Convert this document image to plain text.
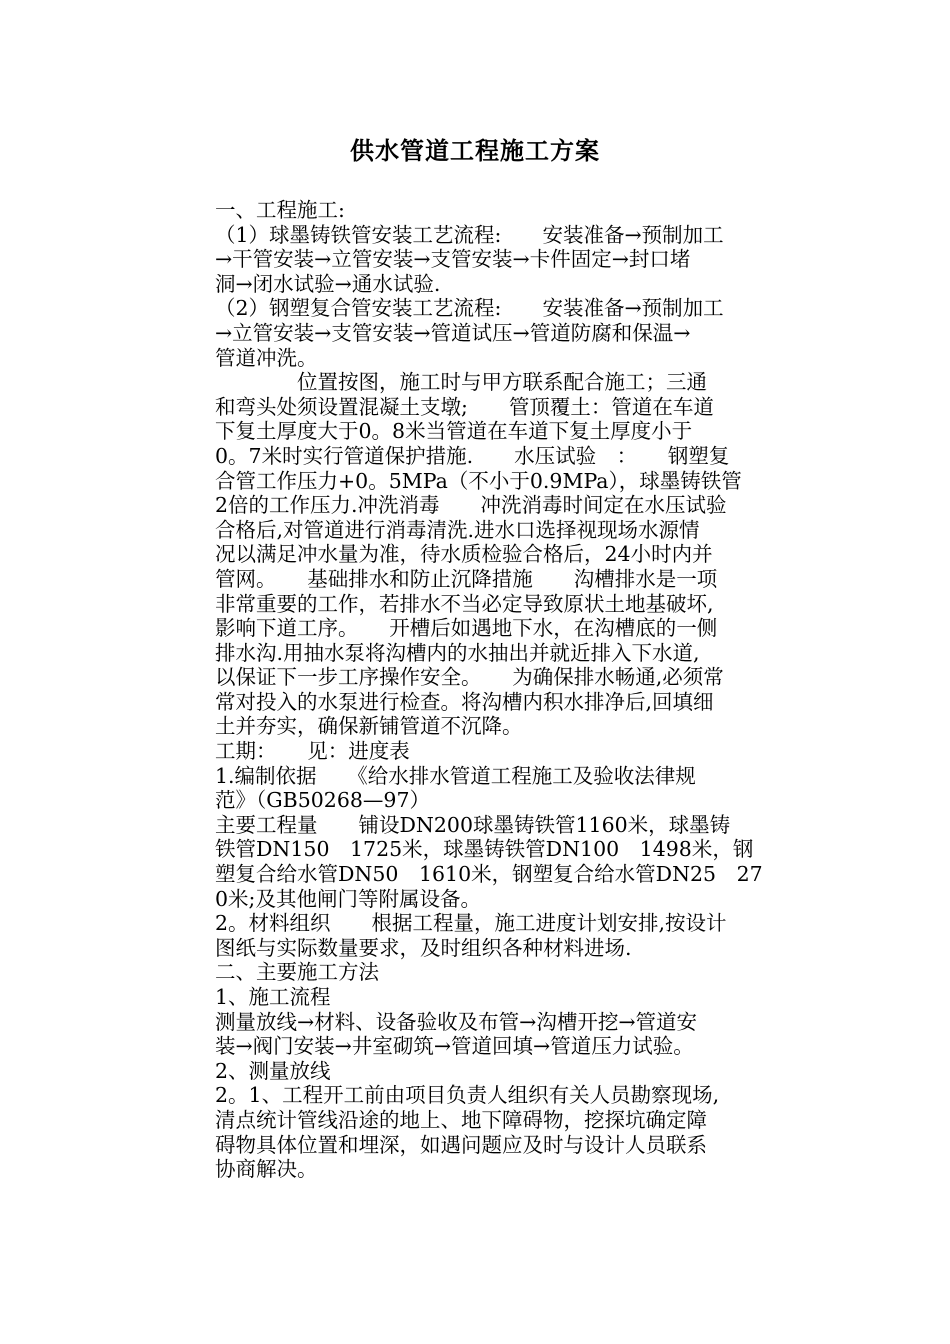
供水管道工程施工方案

一、工程施工:

（1）球墨铸铁管安装工艺流程:　　安装准备→预制加工

→干管安装→立管安装→支管安装→卡件固定→封口堵

洞→闭水试验→通水试验.

（2）钢塑复合管安装工艺流程:　　安装准备→预制加工

→立管安装→支管安装→管道试压→管道防腐和保温→

管道冲洗。

　　　　位置按图，施工时与甲方联系配合施工；三通

和弯头处须设置混凝土支墩;　　管顶覆土：管道在车道

下复土厚度大于0。8米当管道在车道下复土厚度小于

0。7米时实行管道保护措施.　　水压试验　：　　钢塑复

合管工作压力+0。5MPa（不小于0.9MPa），球墨铸铁管

2倍的工作压力.冲洗消毒　　冲洗消毒时间定在水压试验

合格后,对管道进行消毒清洗.进水口选择视现场水源情

况以满足冲水量为准，待水质检验合格后，24小时内并

管网。　　基础排水和防止沉降措施　　沟槽排水是一项

非常重要的工作，若排水不当必定导致原状土地基破坏,

影响下道工序。　　开槽后如遇地下水，在沟槽底的一侧

排水沟.用抽水泵将沟槽内的水抽出并就近排入下水道,

以保证下一步工序操作安全。　　为确保排水畅通,必须常

常对投入的水泵进行检查。将沟槽内积水排净后,回填细

土并夯实，确保新铺管道不沉降。

工期：　　见：进度表

1.编制依据　　《给水排水管道工程施工及验收法律规

范》（GB50268—97）

主要工程量　　铺设DN200球墨铸铁管1160米，球墨铸

铁管DN150　1725米，球墨铸铁管DN100　1498米，钢

塑复合给水管DN50　1610米，钢塑复合给水管DN25　27

0米;及其他闸门等附属设备。

2。材料组织　　根据工程量，施工进度计划安排,按设计

图纸与实际数量要求，及时组织各种材料进场.

二、主要施工方法

1、施工流程

测量放线→材料、设备验收及布管→沟槽开挖→管道安

装→阀门安装→井室砌筑→管道回填→管道压力试验。

2、测量放线

2。1、工程开工前由项目负责人组织有关人员勘察现场,

清点统计管线沿途的地上、地下障碍物，挖探坑确定障

碍物具体位置和埋深，如遇问题应及时与设计人员联系

协商解决。
